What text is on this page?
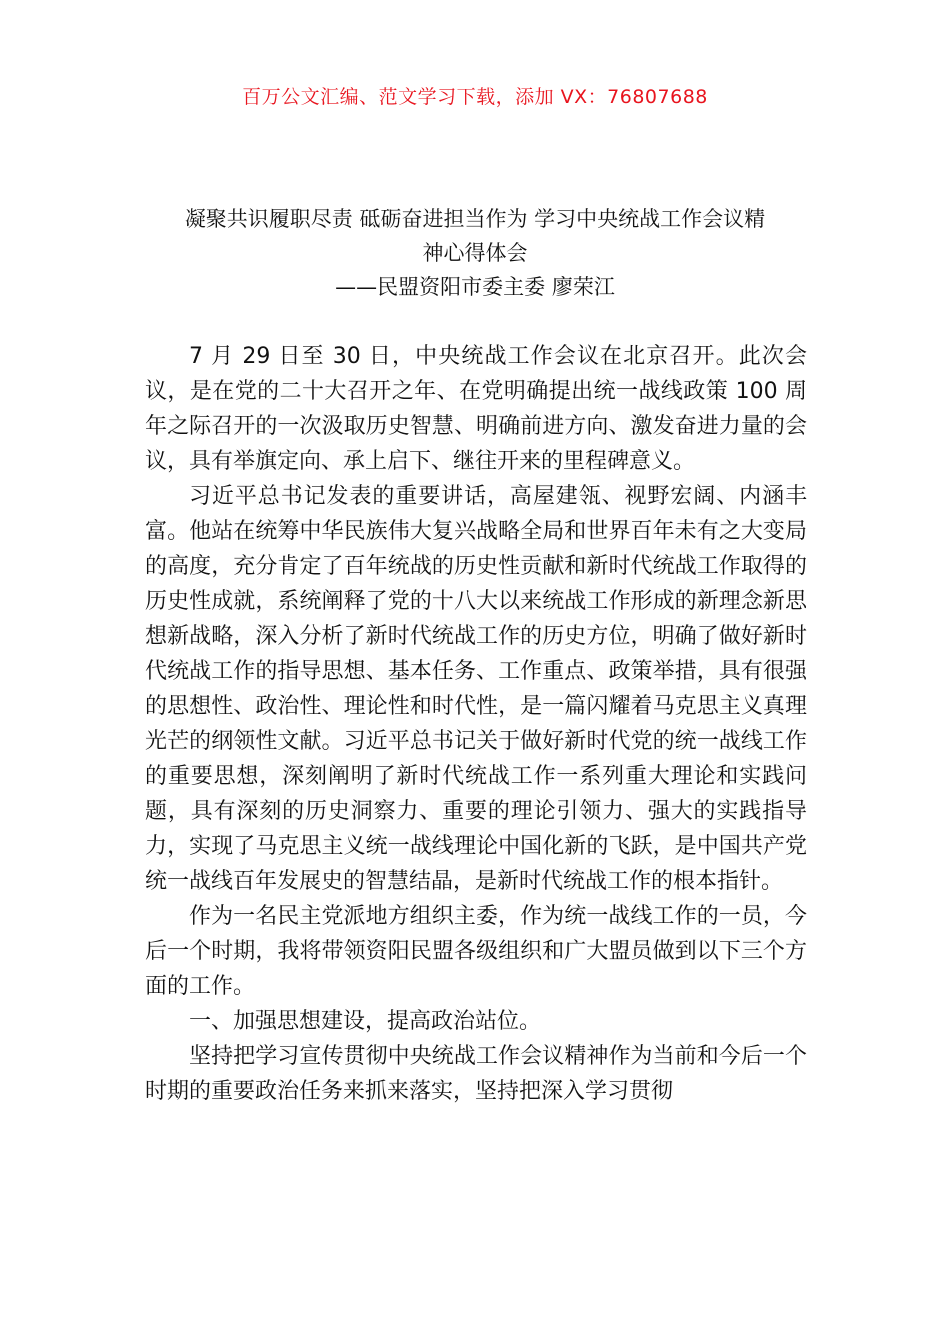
百万公文汇编、范文学习下载，添加 VX：76807688
凝聚共识履职尽责 砥砺奋进担当作为 学习中央统战工作会议精
神心得体会
——民盟资阳市委主委 廖荣江

7 月 29 日至 30 日，中央统战工作会议在北京召开。此次会议，是在党的二十大召开之年、在党明确提出统一战线政策 100 周年之际召开的一次汲取历史智慧、明确前进方向、激发奋进力量的会议，具有举旗定向、承上启下、继往开来的里程碑意义。

习近平总书记发表的重要讲话，高屋建瓴、视野宏阔、内涵丰富。他站在统筹中华民族伟大复兴战略全局和世界百年未有之大变局的高度，充分肯定了百年统战的历史性贡献和新时代统战工作取得的历史性成就，系统阐释了党的十八大以来统战工作形成的新理念新思想新战略，深入分析了新时代统战工作的历史方位，明确了做好新时代统战工作的指导思想、基本任务、工作重点、政策举措，具有很强的思想性、政治性、理论性和时代性，是一篇闪耀着马克思主义真理光芒的纲领性文献。习近平总书记关于做好新时代党的统一战线工作的重要思想，深刻阐明了新时代统战工作一系列重大理论和实践问题，具有深刻的历史洞察力、重要的理论引领力、强大的实践指导力，实现了马克思主义统一战线理论中国化新的飞跃，是中国共产党统一战线百年发展史的智慧结晶，是新时代统战工作的根本指针。

作为一名民主党派地方组织主委，作为统一战线工作的一员，今后一个时期，我将带领资阳民盟各级组织和广大盟员做到以下三个方面的工作。

一、加强思想建设，提高政治站位。

坚持把学习宣传贯彻中央统战工作会议精神作为当前和今后一个时期的重要政治任务来抓来落实，坚持把深入学习贯彻
